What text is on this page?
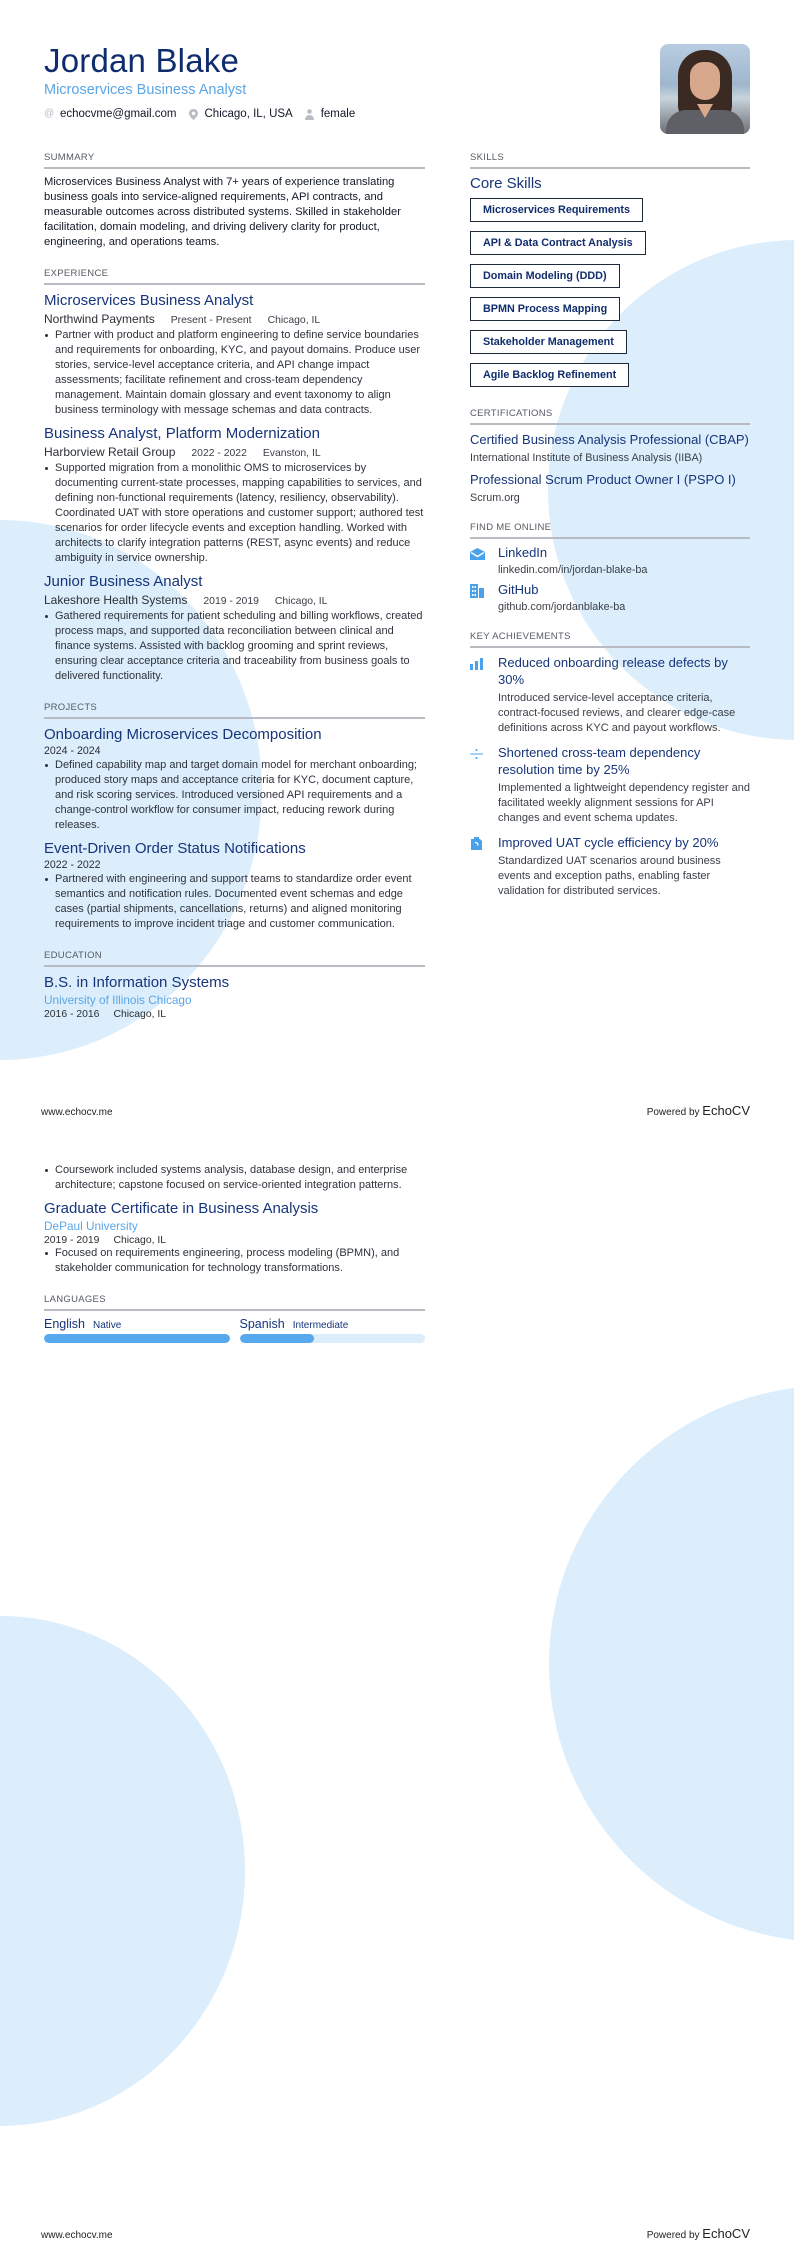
Jordan Blake
Microservices Business Analyst
@ echocvme@gmail.com Chicago, IL, USA female
SUMMARY

Microservices Business Analyst with 7+ years of experience translating business goals into service-aligned requirements, API contracts, and measurable outcomes across distributed systems. Skilled in stakeholder facilitation, domain modeling, and driving delivery clarity for product, engineering, and operations teams.

EXPERIENCE
Microservices Business Analyst
Northwind Payments Present - Present Chicago, IL
Partner with product and platform engineering to define service boundaries and requirements for onboarding, KYC, and payout domains. Produce user stories, service-level acceptance criteria, and API change impact assessments; facilitate refinement and cross-team dependency management. Maintain domain glossary and event taxonomy to align business terminology with message schemas and data contracts.
Business Analyst, Platform Modernization
Harborview Retail Group 2022 - 2022 Evanston, IL
Supported migration from a monolithic OMS to microservices by documenting current-state processes, mapping capabilities to services, and defining non-functional requirements (latency, resiliency, observability). Coordinated UAT with store operations and customer support; authored test scenarios for order lifecycle events and exception handling. Worked with architects to clarify integration patterns (REST, async events) and reduce ambiguity in service ownership.
Junior Business Analyst
Lakeshore Health Systems 2019 - 2019 Chicago, IL
Gathered requirements for patient scheduling and billing workflows, created process maps, and supported data reconciliation between clinical and finance systems. Assisted with backlog grooming and sprint reviews, ensuring clear acceptance criteria and traceability from business goals to delivered functionality.
PROJECTS
Onboarding Microservices Decomposition
2024 - 2024
Defined capability map and target domain model for merchant onboarding; produced story maps and acceptance criteria for KYC, document capture, and risk scoring services. Introduced versioned API requirements and a change-control workflow for consumer impact, reducing rework during releases.
Event-Driven Order Status Notifications
2022 - 2022
Partnered with engineering and support teams to standardize order event semantics and notification rules. Documented event schemas and edge cases (partial shipments, cancellations, returns) and aligned monitoring requirements to improve incident triage and customer communication.
EDUCATION
B.S. in Information Systems
University of Illinois Chicago
2016 - 2016 Chicago, IL
SKILLS
Core Skills
Microservices Requirements
API & Data Contract Analysis
Domain Modeling (DDD)
BPMN Process Mapping
Stakeholder Management
Agile Backlog Refinement
CERTIFICATIONS
Certified Business Analysis Professional (CBAP)
International Institute of Business Analysis (IIBA)
Professional Scrum Product Owner I (PSPO I)
Scrum.org
FIND ME ONLINE
LinkedIn
linkedin.com/in/jordan-blake-ba
GitHub
github.com/jordanblake-ba
KEY ACHIEVEMENTS
Reduced onboarding release defects by 30%
Introduced service-level acceptance criteria, contract-focused reviews, and clearer edge-case definitions across KYC and payout workflows.
Shortened cross-team dependency resolution time by 25%
Implemented a lightweight dependency register and facilitated weekly alignment sessions for API changes and event schema updates.
Improved UAT cycle efficiency by 20%
Standardized UAT scenarios around business events and exception paths, enabling faster validation for distributed services.
www.echocv.me	Powered by EchoCV
Coursework included systems analysis, database design, and enterprise architecture; capstone focused on service-oriented integration patterns.
Graduate Certificate in Business Analysis
DePaul University
2019 - 2019 Chicago, IL
Focused on requirements engineering, process modeling (BPMN), and stakeholder communication for technology transformations.
LANGUAGES
English Native	Spanish Intermediate
www.echocv.me	Powered by EchoCV
